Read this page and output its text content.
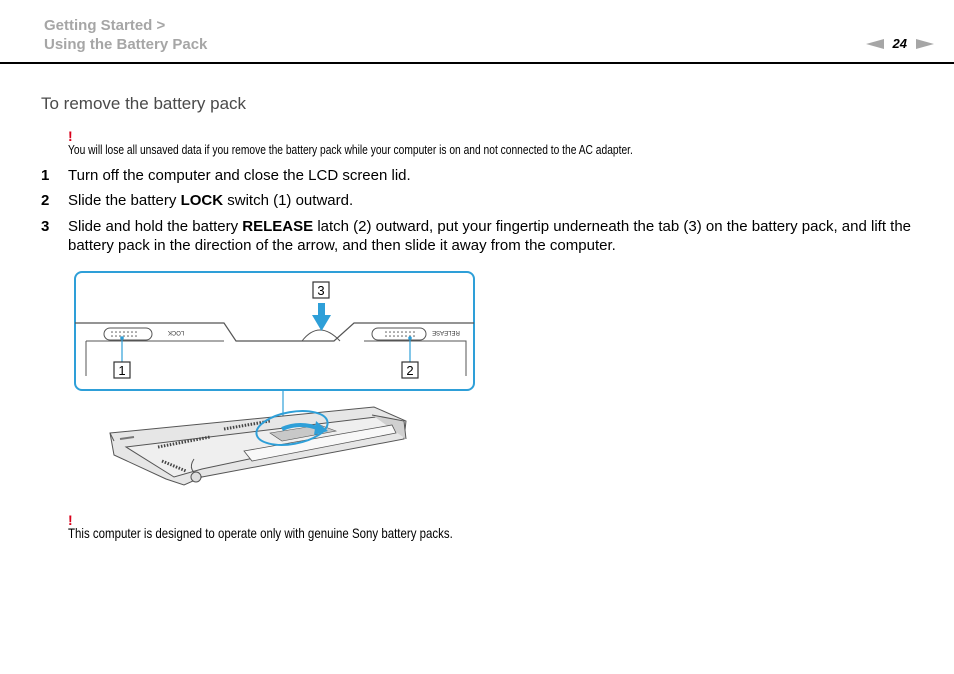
Getting Started >
Using the Battery Pack	24
To remove the battery pack
!
You will lose all unsaved data if you remove the battery pack while your computer is on and not connected to the AC adapter.
1 Turn off the computer and close the LCD screen lid.
2 Slide the battery LOCK switch (1) outward.
3 Slide and hold the battery RELEASE latch (2) outward, put your fingertip underneath the tab (3) on the battery pack, and lift the battery pack in the direction of the arrow, and then slide it away from the computer.
LOCK	RELEASE
1	2
3
!
This computer is designed to operate only with genuine Sony battery packs.
